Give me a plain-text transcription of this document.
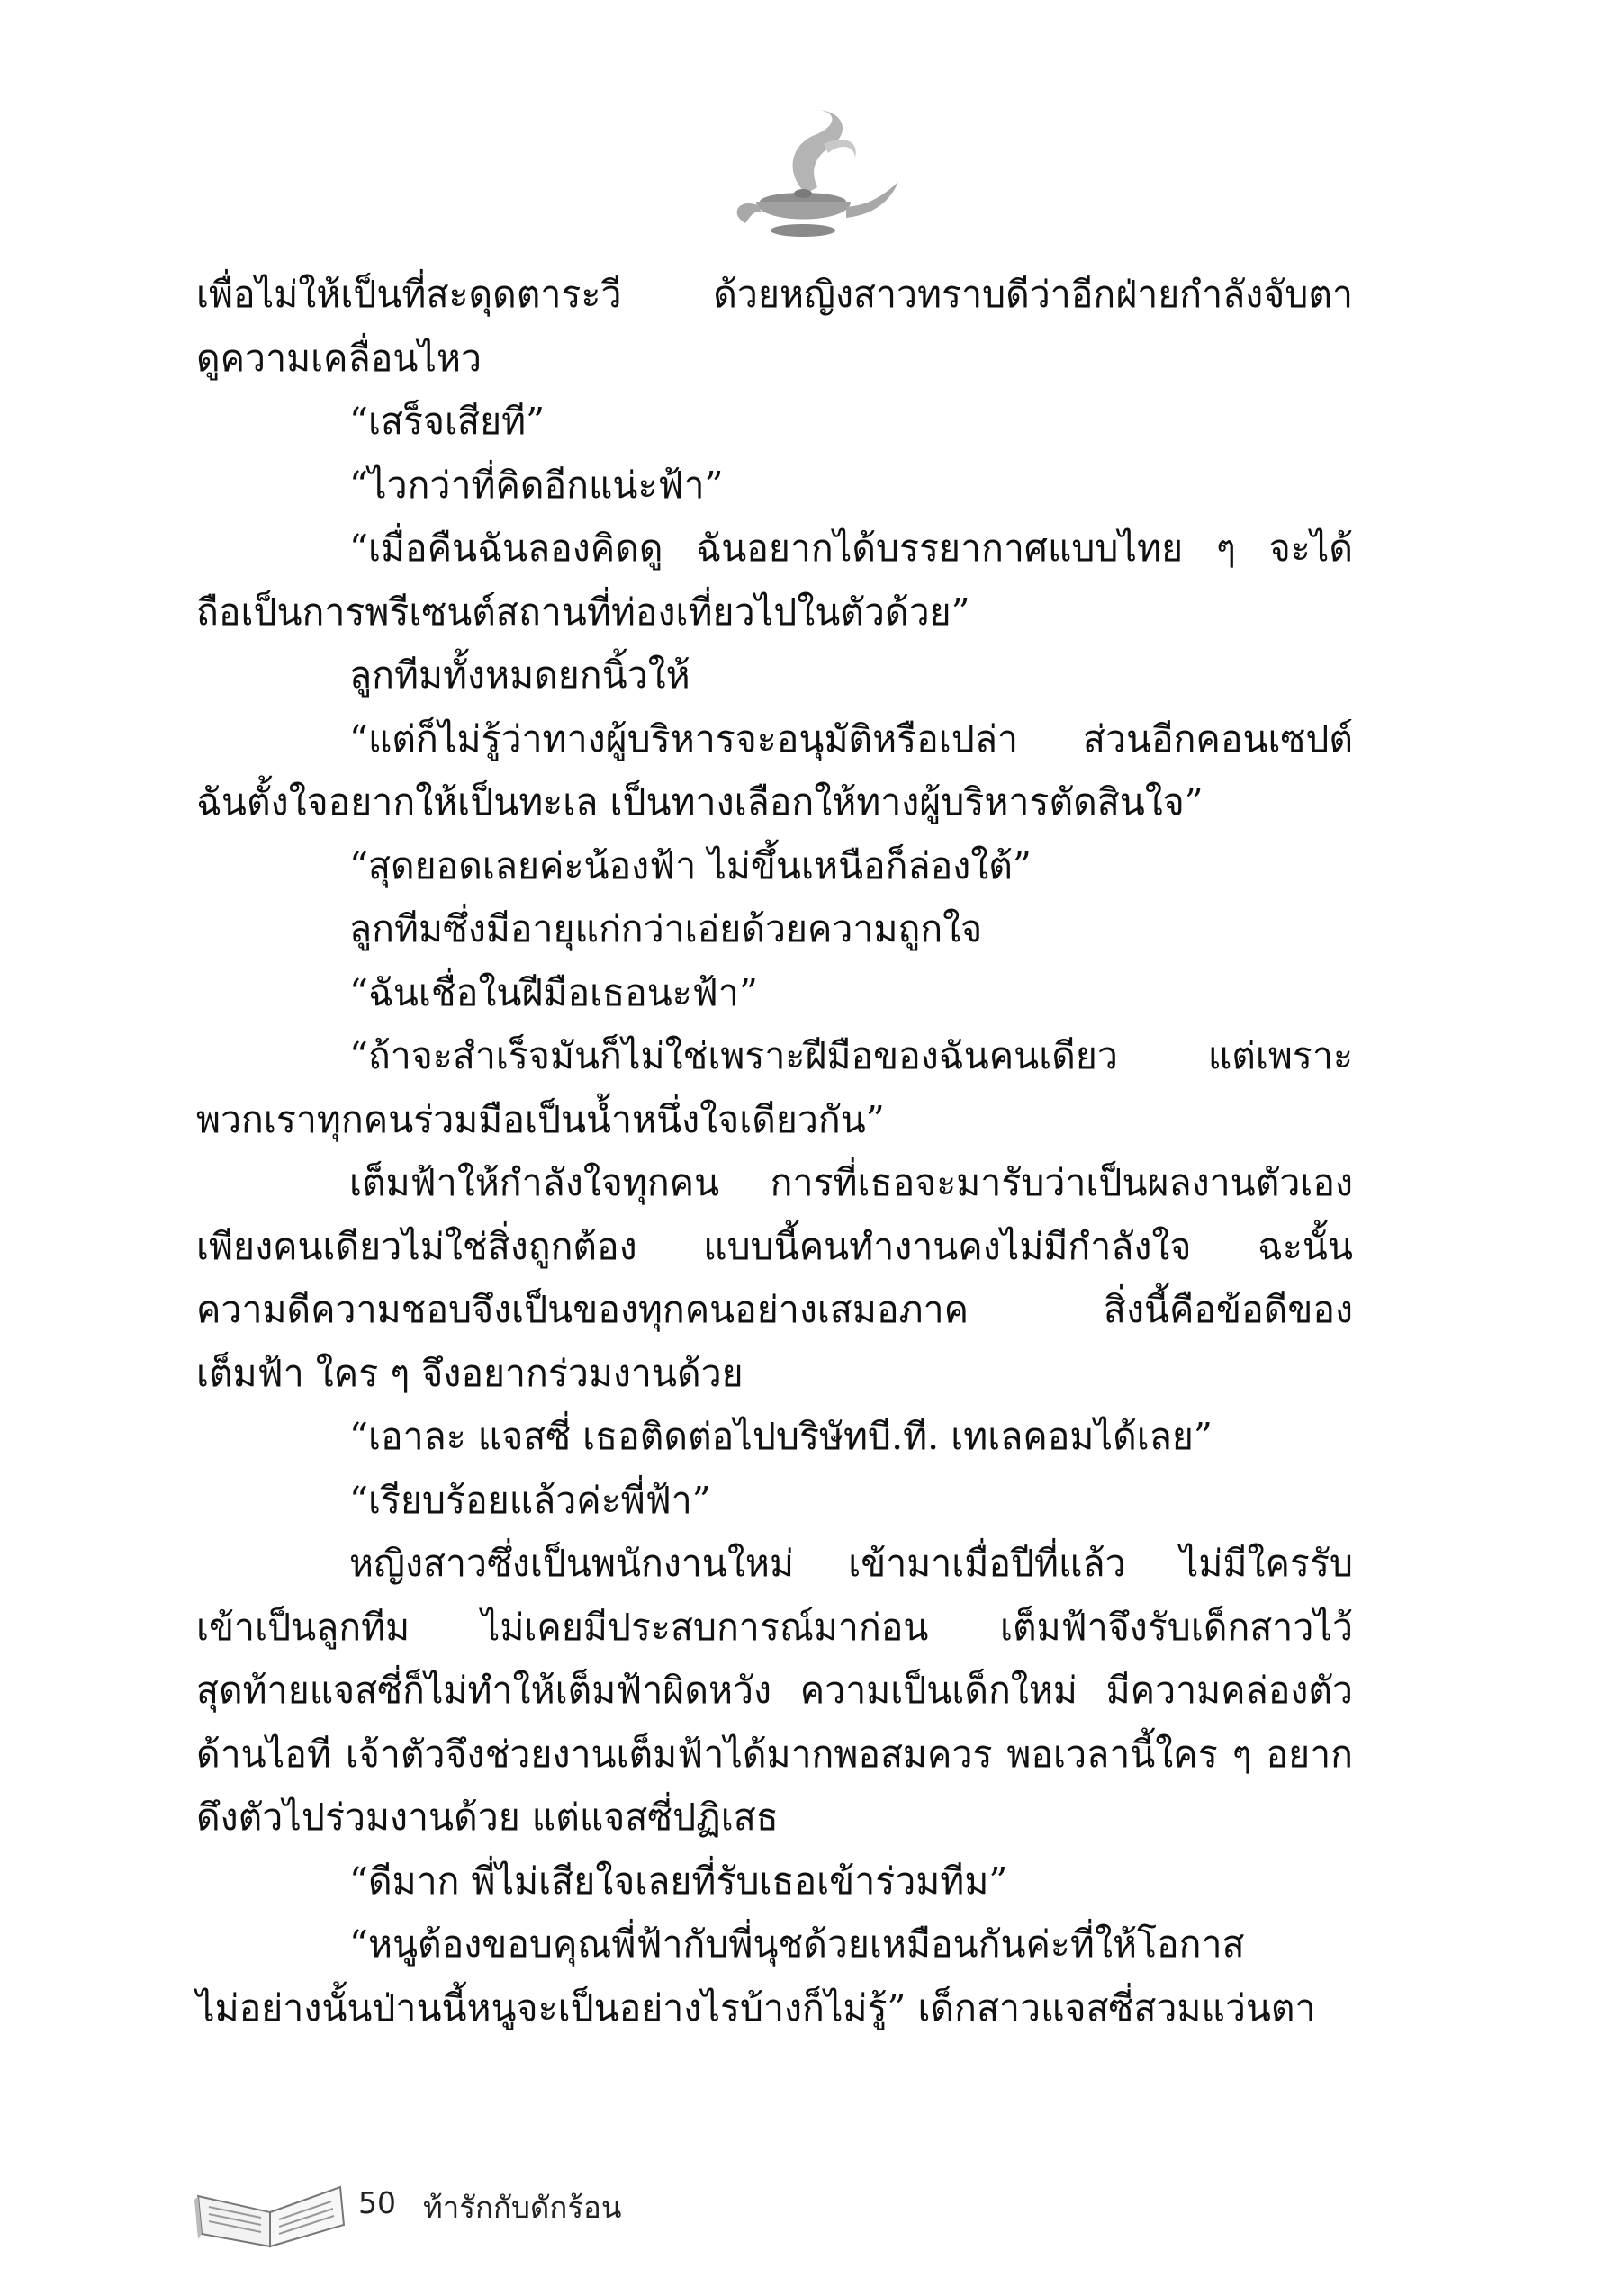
เพื่อไม่ให้เป็นที่สะดุดตาระวี ด้วยหญิงสาวทราบดีว่าอีกฝ่ายกำลังจับตา

ดูความเคลื่อนไหว

“เสร็จเสียที”

“ไวกว่าที่คิดอีกแน่ะฟ้า”

“เมื่อคืนฉันลองคิดดู ฉันอยากได้บรรยากาศแบบไทย ๆ จะได้

ถือเป็นการพรีเซนต์สถานที่ท่องเที่ยวไปในตัวด้วย”

ลูกทีมทั้งหมดยกนิ้วให้

“แต่ก็ไม่รู้ว่าทางผู้บริหารจะอนุมัติหรือเปล่า ส่วนอีกคอนเซปต์

ฉันตั้งใจอยากให้เป็นทะเล เป็นทางเลือกให้ทางผู้บริหารตัดสินใจ”

“สุดยอดเลยค่ะน้องฟ้า ไม่ขึ้นเหนือก็ล่องใต้”

ลูกทีมซึ่งมีอายุแก่กว่าเอ่ยด้วยความถูกใจ

“ฉันเชื่อในฝีมือเธอนะฟ้า”

“ถ้าจะสำเร็จมันก็ไม่ใช่เพราะฝีมือของฉันคนเดียว แต่เพราะ

พวกเราทุกคนร่วมมือเป็นน้ำหนึ่งใจเดียวกัน”

เต็มฟ้าให้กำลังใจทุกคน การที่เธอจะมารับว่าเป็นผลงานตัวเอง

เพียงคนเดียวไม่ใช่สิ่งถูกต้อง แบบนี้คนทำงานคงไม่มีกำลังใจ ฉะนั้น

ความดีความชอบจึงเป็นของทุกคนอย่างเสมอภาค สิ่งนี้คือข้อดีของ

เต็มฟ้า ใคร ๆ จึงอยากร่วมงานด้วย

“เอาละ แจสซี่ เธอติดต่อไปบริษัทบี.ที. เทเลคอมได้เลย”

“เรียบร้อยแล้วค่ะพี่ฟ้า”

หญิงสาวซึ่งเป็นพนักงานใหม่ เข้ามาเมื่อปีที่แล้ว ไม่มีใครรับ

เข้าเป็นลูกทีม ไม่เคยมีประสบการณ์มาก่อน เต็มฟ้าจึงรับเด็กสาวไว้

สุดท้ายแจสซี่ก็ไม่ทำให้เต็มฟ้าผิดหวัง ความเป็นเด็กใหม่ มีความคล่องตัว

ด้านไอที เจ้าตัวจึงช่วยงานเต็มฟ้าได้มากพอสมควร พอเวลานี้ใคร ๆ อยาก

ดึงตัวไปร่วมงานด้วย แต่แจสซี่ปฏิเสธ

“ดีมาก พี่ไม่เสียใจเลยที่รับเธอเข้าร่วมทีม”

“หนูต้องขอบคุณพี่ฟ้ากับพี่นุชด้วยเหมือนกันค่ะที่ให้โอกาส

ไม่อย่างนั้นป่านนี้หนูจะเป็นอย่างไรบ้างก็ไม่รู้” เด็กสาวแจสซี่สวมแว่นตา

50 ท้ารักกับดักร้อน
